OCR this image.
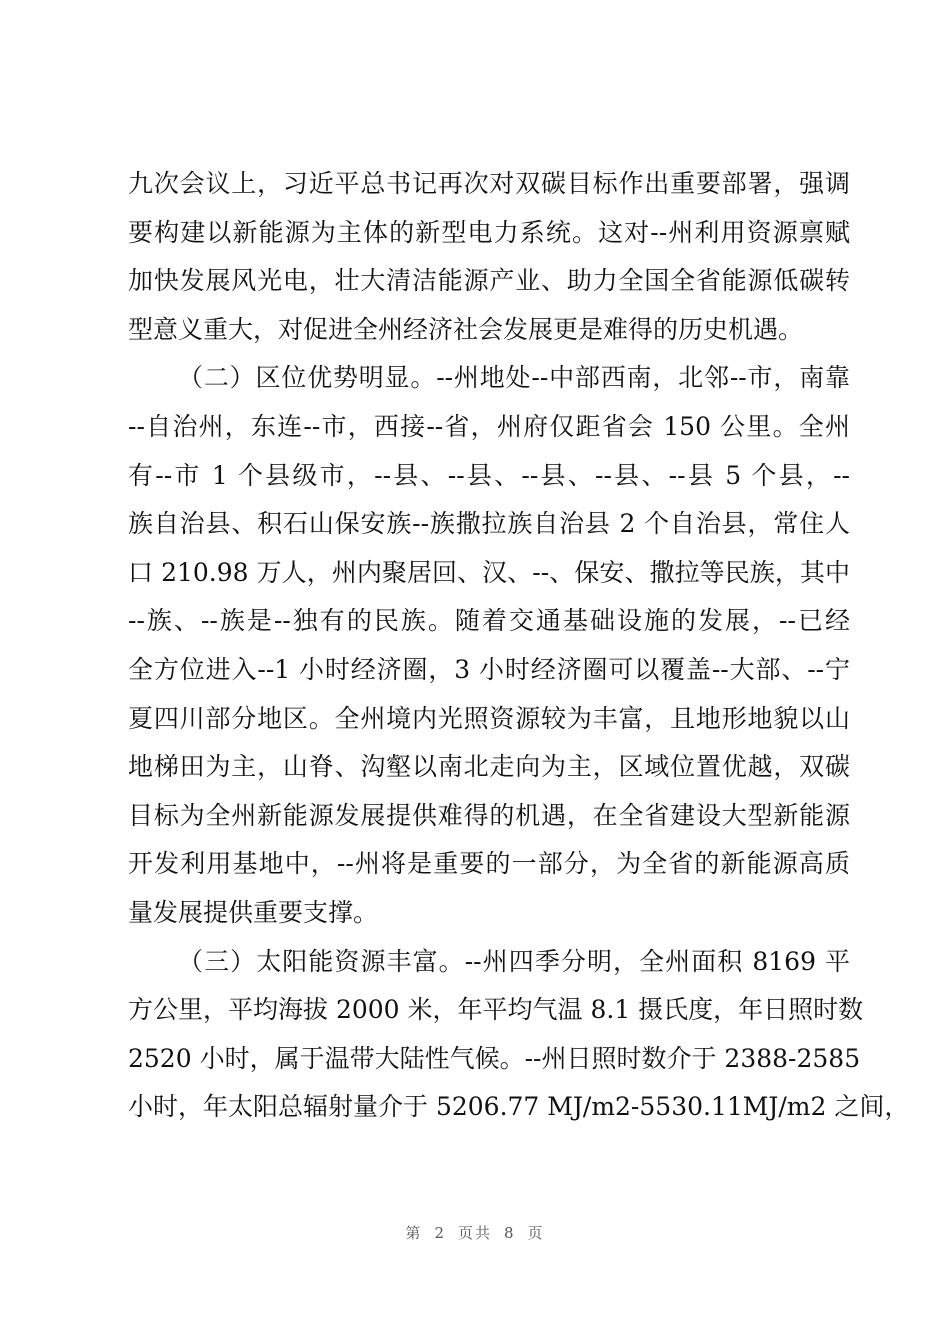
九次会议上，习近平总书记再次对双碳目标作出重要部署，强调
要构建以新能源为主体的新型电力系统。这对--州利用资源禀赋
加快发展风光电，壮大清洁能源产业、助力全国全省能源低碳转
型意义重大，对促进全州经济社会发展更是难得的历史机遇。
（二）区位优势明显。--州地处--中部西南，北邻--市，南靠
--自治州，东连--市，西接--省，州府仅距省会 150 公里。全州
有--市 1 个县级市，--县、--县、--县、--县、--县 5 个县，--
族自治县、积石山保安族--族撒拉族自治县 2 个自治县，常住人
口 210.98 万人，州内聚居回、汉、--、保安、撒拉等民族，其中
--族、--族是--独有的民族。随着交通基础设施的发展，--已经
全方位进入--1 小时经济圈，3 小时经济圈可以覆盖--大部、--宁
夏四川部分地区。全州境内光照资源较为丰富，且地形地貌以山
地梯田为主，山脊、沟壑以南北走向为主，区域位置优越，双碳
目标为全州新能源发展提供难得的机遇，在全省建设大型新能源
开发利用基地中，--州将是重要的一部分，为全省的新能源高质
量发展提供重要支撑。
（三）太阳能资源丰富。--州四季分明，全州面积 8169 平
方公里，平均海拔 2000 米，年平均气温 8.1 摄氏度，年日照时数
2520 小时，属于温带大陆性气候。--州日照时数介于 2388-2585
小时，年太阳总辐射量介于 5206.77 MJ/m2-5530.11MJ/m2 之间，
第 2 页共 8 页
